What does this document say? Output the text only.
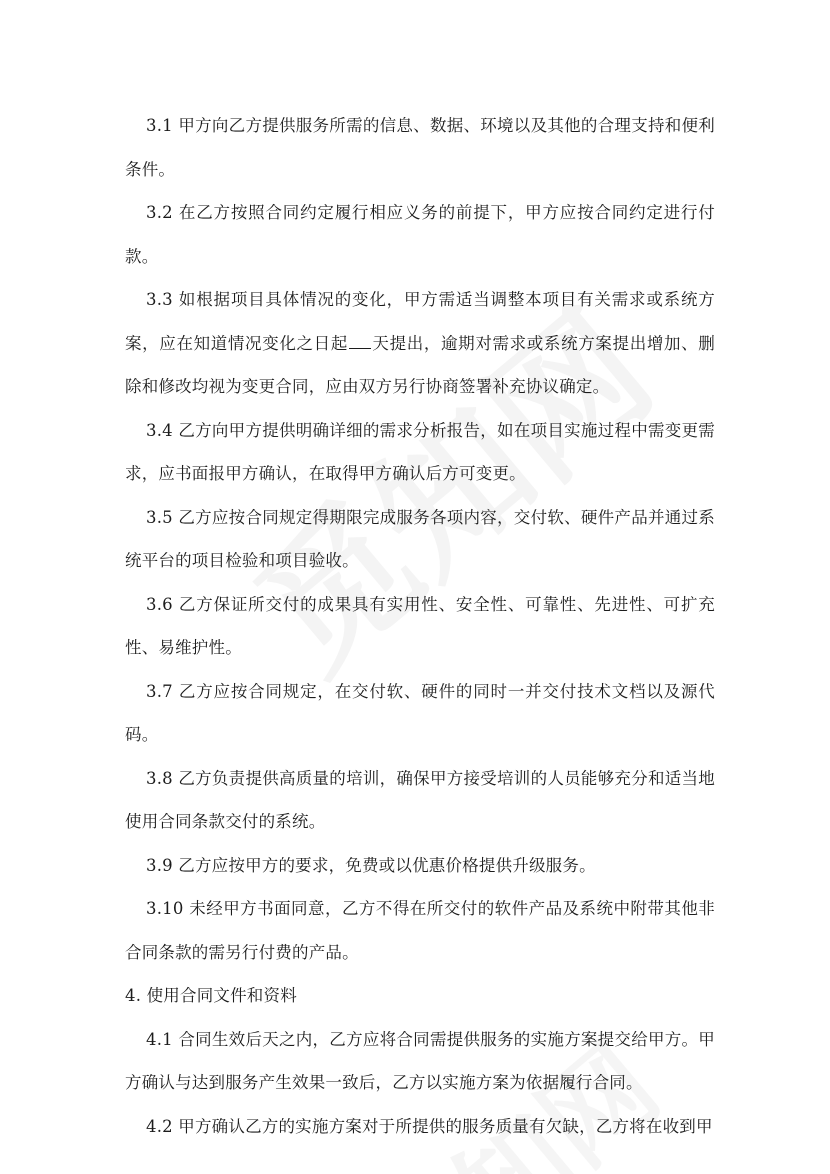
3.1 甲方向乙方提供服务所需的信息、数据、环境以及其他的合理支持和便利条件。

3.2 在乙方按照合同约定履行相应义务的前提下，甲方应按合同约定进行付款。

3.3 如根据项目具体情况的变化，甲方需适当调整本项目有关需求或系统方案，应在知道情况变化之日起 天提出，逾期对需求或系统方案提出增加、删除和修改均视为变更合同，应由双方另行协商签署补充协议确定。

3.4 乙方向甲方提供明确详细的需求分析报告，如在项目实施过程中需变更需求，应书面报甲方确认，在取得甲方确认后方可变更。

3.5 乙方应按合同规定得期限完成服务各项内容，交付软、硬件产品并通过系统平台的项目检验和项目验收。

3.6 乙方保证所交付的成果具有实用性、安全性、可靠性、先进性、可扩充性、易维护性。

3.7 乙方应按合同规定，在交付软、硬件的同时一并交付技术文档以及源代码。

3.8 乙方负责提供高质量的培训，确保甲方接受培训的人员能够充分和适当地使用合同条款交付的系统。

3.9 乙方应按甲方的要求，免费或以优惠价格提供升级服务。

3.10 未经甲方书面同意，乙方不得在所交付的软件产品及系统中附带其他非合同条款的需另行付费的产品。

4. 使用合同文件和资料

4.1 合同生效后天之内，乙方应将合同需提供服务的实施方案提交给甲方。甲方确认与达到服务产生效果一致后，乙方以实施方案为依据履行合同。

4.2 甲方确认乙方的实施方案对于所提供的服务质量有欠缺，乙方将在收到甲
